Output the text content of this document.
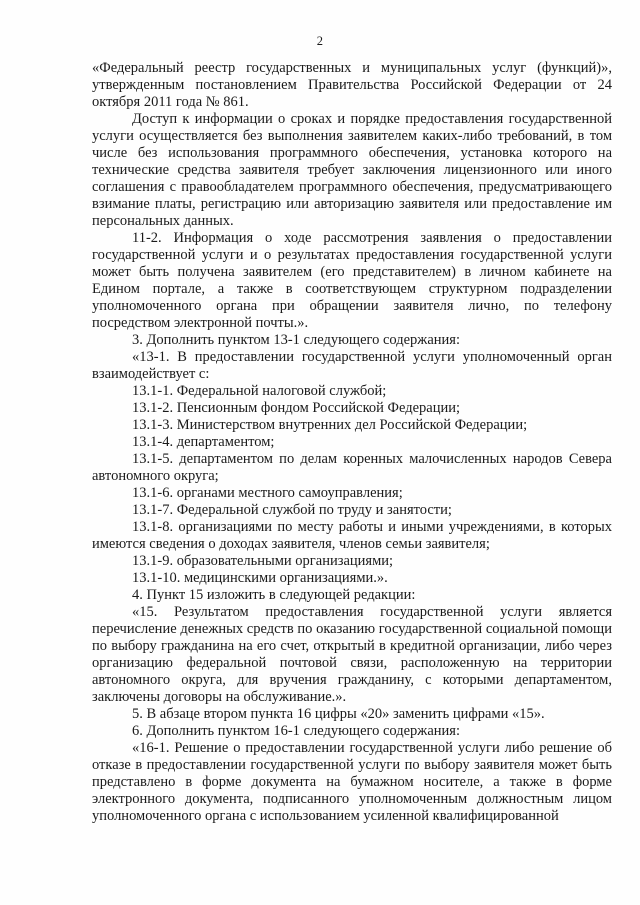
2

«Федеральный реестр государственных и муниципальных услуг (функций)», утвержденным постановлением Правительства Российской Федерации от 24 октября 2011 года № 861.

Доступ к информации о сроках и порядке предоставления государственной услуги осуществляется без выполнения заявителем каких-либо требований, в том числе без использования программного обеспечения, установка которого на технические средства заявителя требует заключения лицензионного или иного соглашения с правообладателем программного обеспечения, предусматривающего взимание платы, регистрацию или авторизацию заявителя или предоставление им персональных данных.

11-2. Информация о ходе рассмотрения заявления о предоставлении государственной услуги и о результатах предоставления государственной услуги может быть получена заявителем (его представителем) в личном кабинете на Едином портале, а также в соответствующем структурном подразделении уполномоченного органа при обращении заявителя лично, по телефону посредством электронной почты.».

3. Дополнить пунктом 13-1 следующего содержания:

«13-1. В предоставлении государственной услуги уполномоченный орган взаимодействует с:

13.1-1. Федеральной налоговой службой;

13.1-2. Пенсионным фондом Российской Федерации;

13.1-3. Министерством внутренних дел Российской Федерации;

13.1-4. департаментом;

13.1-5. департаментом по делам коренных малочисленных народов Севера автономного округа;

13.1-6. органами местного самоуправления;

13.1-7. Федеральной службой по труду и занятости;

13.1-8. организациями по месту работы и иными учреждениями, в которых имеются сведения о доходах заявителя, членов семьи заявителя;

13.1-9. образовательными организациями;

13.1-10. медицинскими организациями.».

4. Пункт 15 изложить в следующей редакции:

«15. Результатом предоставления государственной услуги является перечисление денежных средств по оказанию государственной социальной помощи по выбору гражданина на его счет, открытый в кредитной организации, либо через организацию федеральной почтовой связи, расположенную на территории автономного округа, для вручения гражданину, с которыми департаментом, заключены договоры на обслуживание.».

5. В абзаце втором пункта 16 цифры «20» заменить цифрами «15».

6. Дополнить пунктом 16-1 следующего содержания:

«16-1. Решение о предоставлении государственной услуги либо решение об отказе в предоставлении государственной услуги по выбору заявителя может быть представлено в форме документа на бумажном носителе, а также в форме электронного документа, подписанного уполномоченным должностным лицом уполномоченного органа с использованием усиленной квалифицированной
